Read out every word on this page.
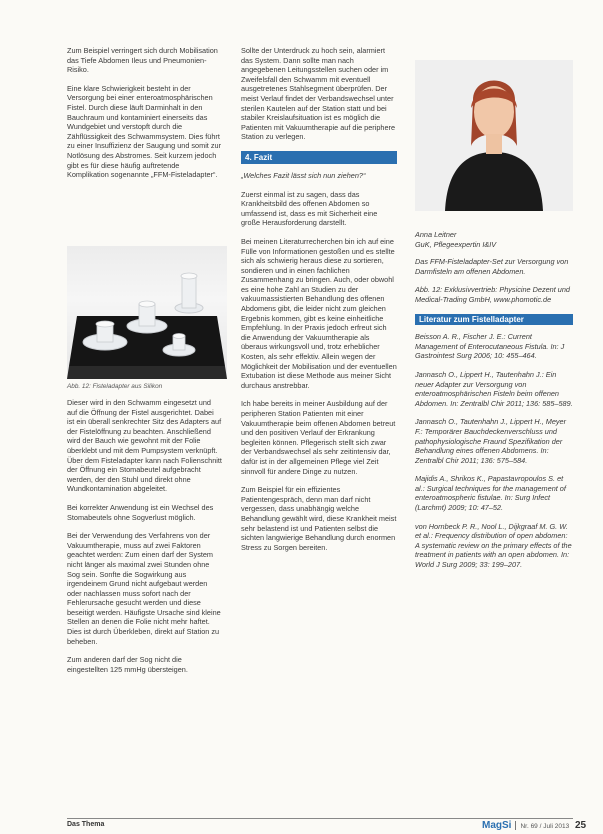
Zum Beispiel verringert sich durch Mobilisation das Tiefe Abdomen Ileus und Pneumonien-Risiko.

Eine klare Schwierigkeit besteht in der Versorgung bei einer enteroatmosphärischen Fistel. Durch diese läuft Darminhalt in den Bauchraum und kontaminiert einerseits das Wundgebiet und verstopft durch die Zähflüssigkeit des Schwammsystem. Dies führt zu einer Insuffizienz der Saugung und somit zur Notlösung des Abstromes. Seit kurzem jedoch gibt es für diese häufig auftretende Komplikation sogenannte „FFM-Fisteladapter“.

Abb. 12: Fisteladapter aus Silikon

Dieser wird in den Schwamm eingesetzt und auf die Öffnung der Fistel ausgerichtet. Dabei ist ein überall senkrechter Sitz des Adapters auf der Fistelöffnung zu beachten. Anschließend wird der Bauch wie gewohnt mit der Folie überklebt und mit dem Pumpsystem verknüpft. Über dem Fisteladapter kann nach Folienschnitt der Öffnung ein Stomabeutel aufgebracht werden, der den Stuhl und direkt ohne Wundkontamination abgeleitet.

Bei korrekter Anwendung ist ein Wechsel des Stomabeutels ohne Sogverlust möglich.

Bei der Verwendung des Verfahrens von der Vakuumtherapie, muss auf zwei Faktoren geachtet werden: Zum einen darf der System nicht länger als maximal zwei Stunden ohne Sog sein. Sonfte die Sogwirkung aus irgendeinem Grund nicht aufgebaut werden oder nachlassen muss sofort nach der Fehlerursache gesucht werden und diese beseitigt werden. Häufigste Ursache sind kleine Stellen an denen die Folie nicht mehr haftet. Dies ist durch Überkleben, direkt auf Station zu beheben.

Zum anderen darf der Sog nicht die eingestellten 125 mmHg übersteigen.

Sollte der Unterdruck zu hoch sein, alarmiert das System. Dann sollte man nach angegebenen Leitungsstellen suchen oder im Zweifelsfall den Schwamm mit eventuell ausgetretenes Stahlsegment überprüfen. Der meist Verlauf findet der Verbandswechsel unter sterilen Kautelen auf der Station statt und bei stabiler Kreislaufsituation ist es möglich die Patienten mit Vakuumtherapie auf die periphere Station zu verlegen.

4. Fazit

„Welches Fazit lässt sich nun ziehen?“

Zuerst einmal ist zu sagen, dass das Krankheitsbild des offenen Abdomen so umfassend ist, dass es mit Sicherheit eine große Herausforderung darstellt.

Bei meinen Literaturrecherchen bin ich auf eine Fülle von Informationen gestoßen und es stellte sich als schwierig heraus diese zu sortieren, sondieren und in einen fachlichen Zusammenhang zu bringen. Auch, oder obwohl es eine hohe Zahl an Studien zu der vakuumassistierten Behandlung des offenen Abdomens gibt, die leider nicht zum gleichen Ergebnis kommen, gibt es keine einheitliche Empfehlung. In der Praxis jedoch erfreut sich die Anwendung der Vakuumtherapie als überaus wirkungsvoll und, trotz erheblicher Kosten, als sehr effektiv. Allein wegen der Möglichkeit der Mobilisation und der eventuellen Extubation ist diese Methode aus meiner Sicht durchaus anstrebbar.

Ich habe bereits in meiner Ausbildung auf der peripheren Station Patienten mit einer Vakuumtherapie beim offenen Abdomen betreut und den positiven Verlauf der Erkrankung begleiten können. Pflegerisch stellt sich zwar der Verbandswechsel als sehr zeitintensiv dar, dafür ist in der allgemeinen Pflege viel Zeit sinnvoll für andere Dinge zu nutzen.

Zum Beispiel für ein effizientes Patientengespräch, denn man darf nicht vergessen, dass unabhängig welche Behandlung gewählt wird, diese Krankheit meist sehr belastend ist und Patienten selbst die sichten langwierige Behandlung durch enormen Stress zu Sorgen bereiten.

Anna Leitner

GuK, Pflegeexpertin I&IV

Das FFM-Fisteladapter-Set zur Versorgung von Darmfisteln am offenen Abdomen.

Abb. 12: Exklusivvertrieb: Physicine Dezent und Medical-Trading GmbH, www.phomotic.de

Literatur zum Fistelladapter

Beisson A. R., Fischer J. E.: Current Management of Enterocutaneous Fistula. In: J Gastrointest Surg 2006; 10: 455–464.

Jannasch O., Lippert H., Tautenhahn J.: Ein neuer Adapter zur Versorgung von enteroatmosphärischen Fisteln beim offenen Abdomen. In: Zentralbl Chir 2011; 136: 585–589.

Jannasch O., Tautenhahn J., Lippert H., Meyer F.: Temporärer Bauchdeckenverschluss und pathophysiologische Fraund Spezifikation der Behandlung eines offenen Abdomens. In: Zentralbl Chir 2011; 136: 575–584.

Majidis A., Shrikos K., Papastavropoulos S. et al.: Surgical techniques for the management of enteroatmospheric fistulae. In: Surg Infect (Larchmt) 2009; 10: 47–52.

von Hornbeck P. R., Nool L., Dijkgraaf M. G. W. et al.: Frequency distribution of open abdomen: A systematic review on the primary effects of the treatment in patients with an open abdomen. In: World J Surg 2009; 33: 199–207.

Das Thema	MagSi Nr. 69 / Juli 2013 25
